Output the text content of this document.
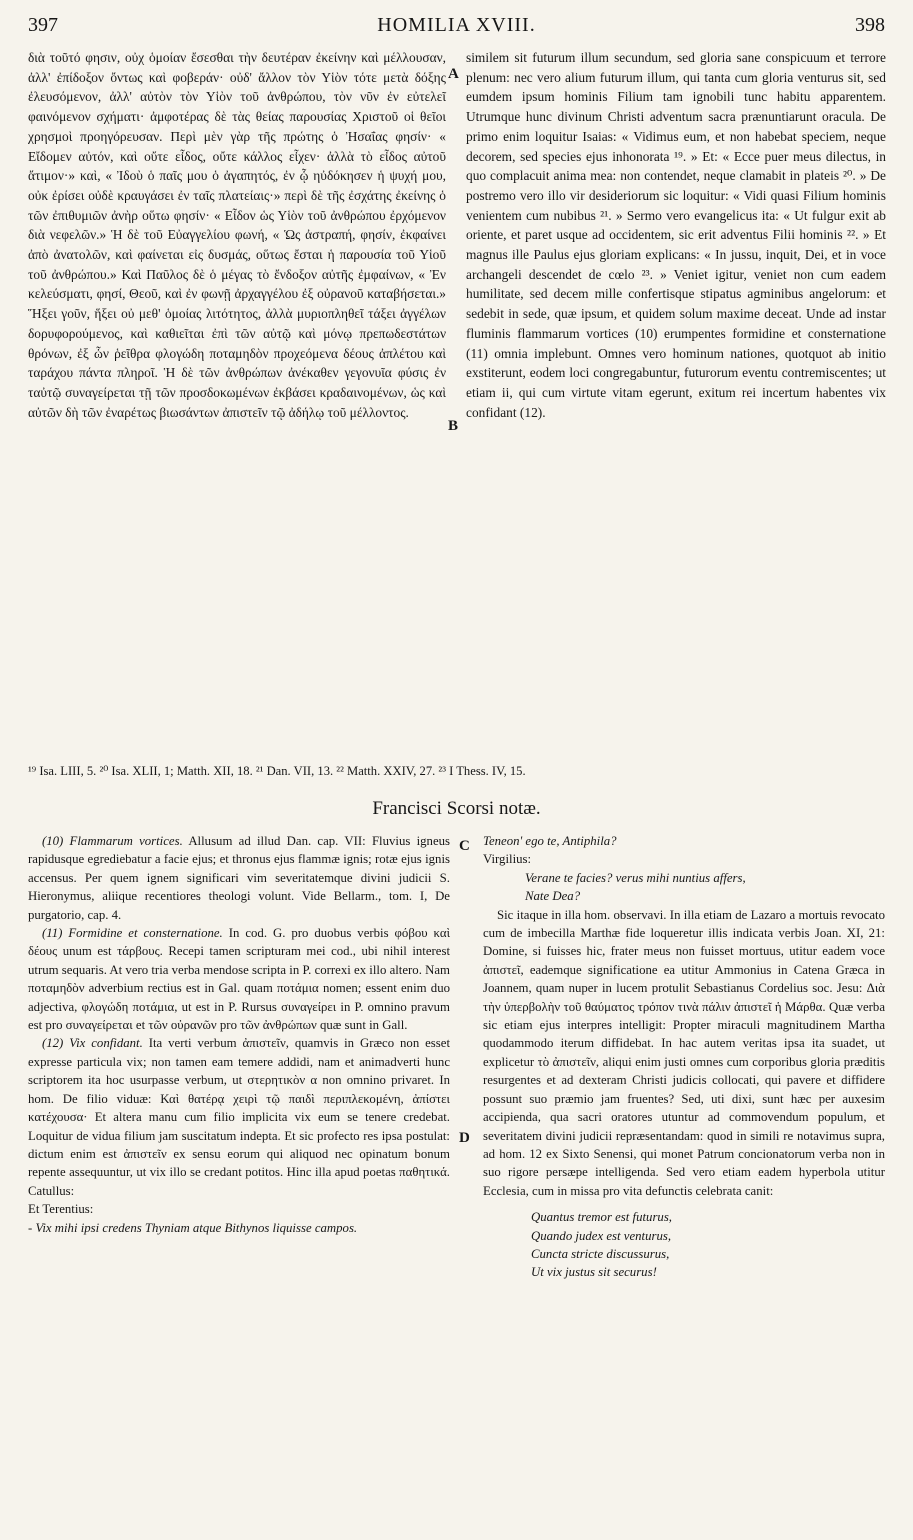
397	HOMILIA XVIII.	398

διὰ τοῦτό φησιν, οὐχ ὁμοίαν ἔσεσθαι τὴν δευτέραν ἐκείνην καὶ μέλλουσαν, ἀλλ' ἐπίδοξον ὄντως καὶ φοβεράν· οὐδ' ἄλλον τὸν Υἱὸν τότε μετὰ δόξης ἐλευσόμενον, ἀλλ' αὐτὸν τὸν Υἱὸν τοῦ ἀνθρώπου, τὸν νῦν ἐν εὐτελεῖ φαινόμενον σχήματι· ἀμφοτέρας δὲ τὰς θείας παρουσίας Χριστοῦ οἱ θεῖοι χρησμοὶ προηγόρευσαν. Περὶ μὲν γὰρ τῆς πρώτης ὁ Ἠσαΐας φησίν· « Εἴδομεν αὐτόν, καὶ οὔτε εἶδος, οὔτε κάλλος εἶχεν· ἀλλὰ τὸ εἶδος αὐτοῦ ἄτιμον·» καὶ, « Ἰδοὺ ὁ παῖς μου ὁ ἀγαπητός, ἐν ᾧ ηὐδόκησεν ἡ ψυχή μου, οὐκ ἐρίσει οὐδὲ κραυγάσει ἐν ταῖς πλατείαις·» περὶ δὲ τῆς ἐσχάτης ἐκείνης ὁ τῶν ἐπιθυμιῶν ἀνὴρ οὕτω φησίν· « Εἶδον ὡς Υἱὸν τοῦ ἀνθρώπου ἐρχόμενον διὰ νεφελῶν.» Ἡ δὲ τοῦ Εὐαγγελίου φωνή, « Ὡς ἀστραπή, φησίν, ἐκφαίνει ἀπὸ ἀνατολῶν, καὶ φαίνεται εἰς δυσμάς, οὕτως ἔσται ἡ παρουσία τοῦ Υἱοῦ τοῦ ἀνθρώπου.» Καὶ Παῦλος δὲ ὁ μέγας τὸ ἔνδοξον αὐτῆς ἐμφαίνων, « Ἐν κελεύσματι, φησί, Θεοῦ, καὶ ἐν φωνῇ ἀρχαγγέλου ἐξ οὐρανοῦ καταβήσεται.» Ἥξει γοῦν, ἥξει οὐ μεθ' ὁμοίας λιτότητος, ἀλλὰ μυριοπληθεῖ τάξει ἀγγέλων δορυφορούμενος, καὶ καθιεῖται ἐπὶ τῶν αὐτῷ καὶ μόνῳ πρεπωδεστάτων θρόνων, ἐξ ὧν ῥεῖθρα φλογώδη ποταμηδὸν προχεόμενα δέους ἀπλέτου καὶ ταράχου πάντα πληροῖ. Ἡ δὲ τῶν ἀνθρώπων ἀνέκαθεν γεγονυῖα φύσις ἐν ταὐτῷ συναγείρεται τῇ τῶν προσδοκωμένων ἐκβάσει κραδαινομένων, ὡς καὶ αὐτῶν δὴ τῶν ἐναρέτως βιωσάντων ἀπιστεῖν τῷ ἀδήλῳ τοῦ μέλλοντος.

A
B

similem sit futurum illum secundum, sed gloria sane conspicuum et terrore plenum: nec vero alium futurum illum, qui tanta cum gloria venturus sit, sed eumdem ipsum hominis Filium tam ignobili tunc habitu apparentem. Utrumque hunc divinum Christi adventum sacra prænuntiarunt oracula. De primo enim loquitur Isaias: « Vidimus eum, et non habebat speciem, neque decorem, sed species ejus inhonorata ¹⁹. » Et: « Ecce puer meus dilectus, in quo complacuit anima mea: non contendet, neque clamabit in plateis ²⁰. » De postremo vero illo vir desideriorum sic loquitur: « Vidi quasi Filium hominis venientem cum nubibus ²¹. » Sermo vero evangelicus ita: « Ut fulgur exit ab oriente, et paret usque ad occidentem, sic erit adventus Filii hominis ²². » Et magnus ille Paulus ejus gloriam explicans: « In jussu, inquit, Dei, et in voce archangeli descendet de cœlo ²³. » Veniet igitur, veniet non cum eadem humilitate, sed decem mille confertisque stipatus agminibus angelorum: et sedebit in sede, quæ ipsum, et quidem solum maxime deceat. Unde ad instar fluminis flammarum vortices (10) erumpentes formidine et consternatione (11) omnia implebunt. Omnes vero hominum nationes, quotquot ab initio exstiterunt, eodem loci congregabuntur, futurorum eventu contremiscentes; ut etiam ii, qui cum virtute vitam egerunt, exitum rei incertum habentes vix confidant (12).

¹⁹ Isa. LIII, 5. ²⁰ Isa. XLII, 1; Matth. XII, 18. ²¹ Dan. VII, 13. ²² Matth. XXIV, 27. ²³ I Thess. IV, 15.
Francisci Scorsi notæ.
C
D

(10) Flammarum vortices. Allusum ad illud Dan. cap. VII: Fluvius igneus rapidusque egrediebatur a facie ejus; et thronus ejus flammæ ignis; rotæ ejus ignis accensus. Per quem ignem significari vim severitatemque divini judicii S. Hieronymus, aliique recentiores theologi volunt. Vide Bellarm., tom. I, De purgatorio, cap. 4.

(11) Formidine et consternatione. In cod. G. pro duobus verbis φόβου καὶ δέους unum est τάρβους. Recepi tamen scripturam mei cod., ubi nihil interest utrum sequaris. At vero tria verba mendose scripta in P. correxi ex illo altero. Nam ποταμηδὸν adverbium rectius est in Gal. quam ποτάμια nomen; essent enim duo adjectiva, φλογώδη ποτάμια, ut est in P. Rursus συναγείρει in P. omnino pravum est pro συναγείρεται et τῶν οὐρανῶν pro τῶν ἀνθρώπων quæ sunt in Gall.

(12) Vix confidant. Ita verti verbum ἀπιστεῖν, quamvis in Græco non esset expresse particula vix; non tamen eam temere addidi, nam et animadverti hunc scriptorem ita hoc usurpasse verbum, ut στερητικὸν α non omnino privaret. In hom. De filio viduæ: Καὶ θατέρᾳ χειρὶ τῷ παιδὶ περιπλεκομένη, ἀπίστει κατέχουσα· Et altera manu cum filio implicita vix eum se tenere credebat. Loquitur de vidua filium jam suscitatum indepta. Et sic profecto res ipsa postulat: dictum enim est ἀπιστεῖν ex sensu eorum qui aliquod nec opinatum bonum repente assequuntur, ut vix illo se credant potitos. Hinc illa apud poetas παθητικά. Catullus:

Et Terentius:

- Vix mihi ipsi credens Thyniam atque Bithynos liquisse campos.

Teneon' ego te, Antiphila?

Virgilius:

Verane te facies? verus mihi nuntius affers,

Nate Dea?

Sic itaque in illa hom. observavi. In illa etiam de Lazaro a mortuis revocato cum de imbecilla Marthæ fide loqueretur illis indicata verbis Joan. XI, 21: Domine, si fuisses hic, frater meus non fuisset mortuus, utitur eadem voce ἀπιστεῖ, eademque significatione ea utitur Ammonius in Catena Græca in Joannem, quam nuper in lucem protulit Sebastianus Cordelius soc. Jesu: Διὰ τὴν ὑπερβολὴν τοῦ θαύματος τρόπον τινὰ πάλιν ἀπιστεῖ ἡ Μάρθα. Quæ verba sic etiam ejus interpres intelligit: Propter miraculi magnitudinem Martha quodammodo iterum diffidebat. In hac autem veritas ipsa ita suadet, ut explicetur τὸ ἀπιστεῖν, aliqui enim justi omnes cum corporibus gloria præditis resurgentes et ad dexteram Christi judicis collocati, qui pavere et diffidere possunt suo præmio jam fruentes? Sed, uti dixi, sunt hæc per auxesim accipienda, qua sacri oratores utuntur ad commovendum populum, et severitatem divini judicii repræsentandam: quod in simili re notavimus supra, ad hom. 12 ex Sixto Senensi, qui monet Patrum concionatorum verba non in suo rigore persæpe intelligenda. Sed vero etiam eadem hyperbola utitur Ecclesia, cum in missa pro vita defunctis celebrata canit:

Quantus tremor est futurus,

Quando judex est venturus,

Cuncta stricte discussurus,

Ut vix justus sit securus!
